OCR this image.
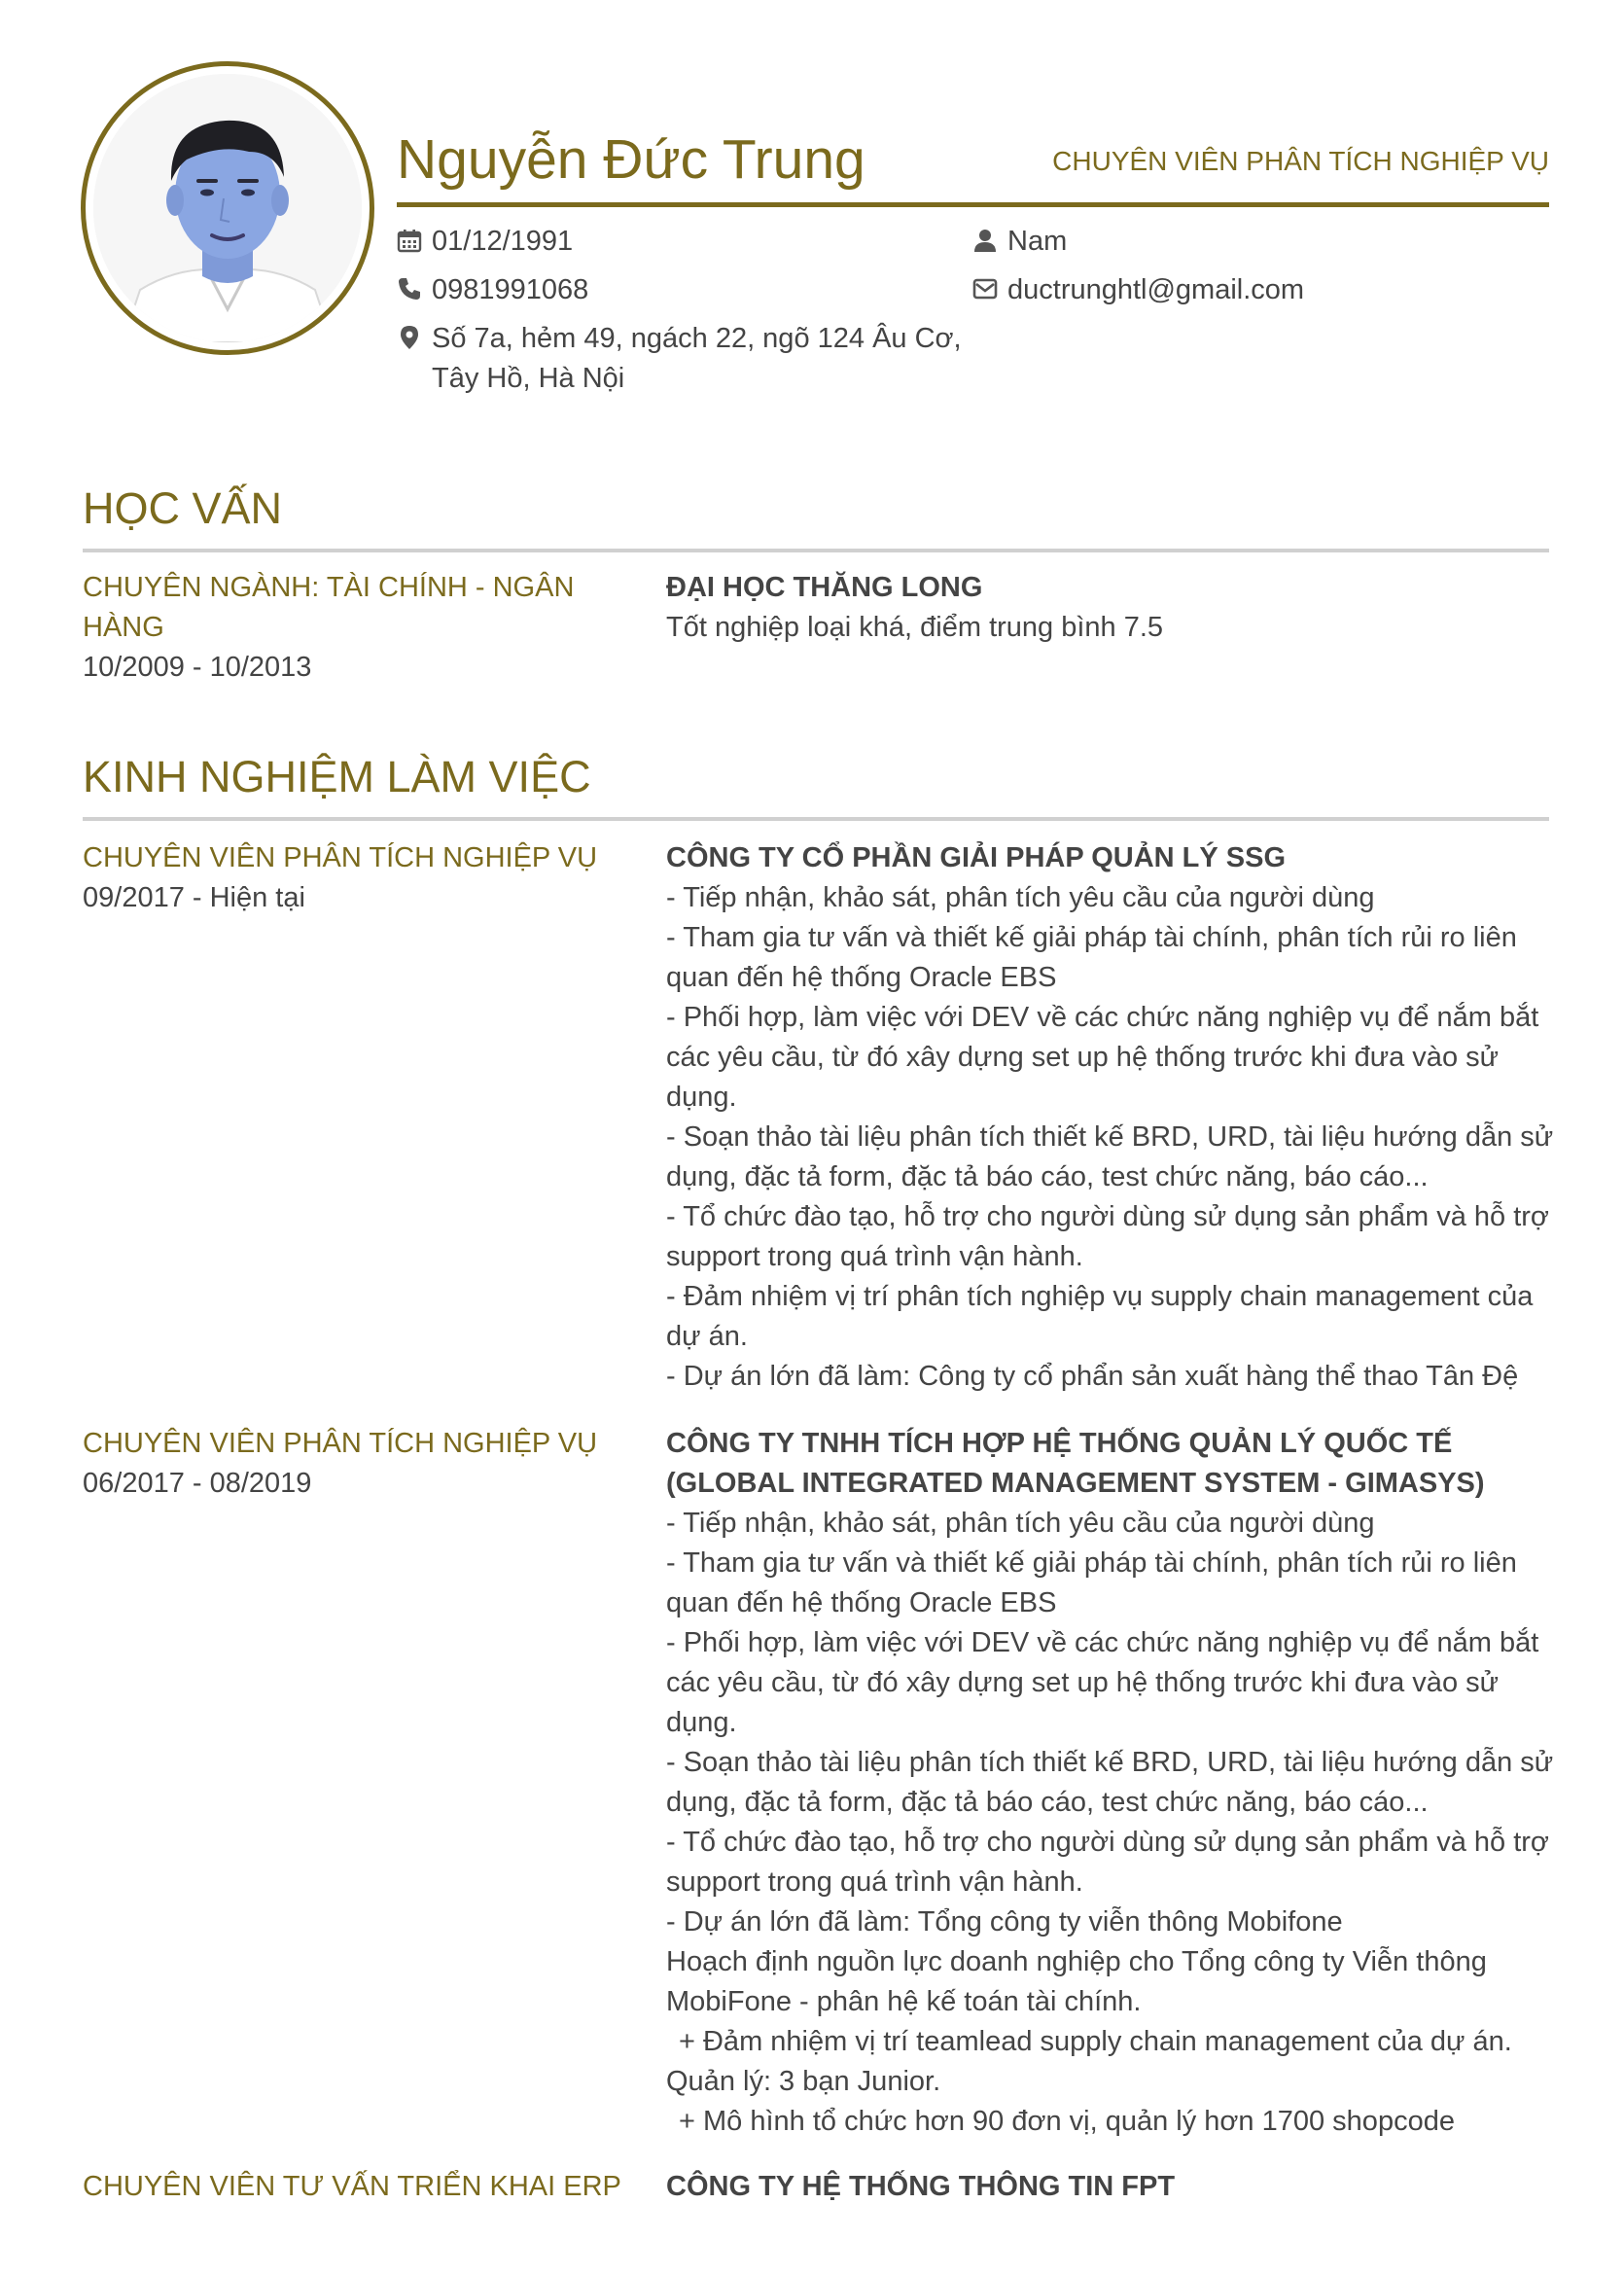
Nguyễn Đức Trung	CHUYÊN VIÊN PHÂN TÍCH NGHIỆP VỤ
01/12/1991
0981991068
Số 7a, hẻm 49, ngách 22, ngõ 124 Âu Cơ, Tây Hồ, Hà Nội
Nam
ductrunghtl@gmail.com
HỌC VẤN
CHUYÊN NGÀNH: TÀI CHÍNH - NGÂN HÀNG
10/2009 - 10/2013
ĐẠI HỌC THĂNG LONG
Tốt nghiệp loại khá, điểm trung bình 7.5
KINH NGHIỆM LÀM VIỆC
CHUYÊN VIÊN PHÂN TÍCH NGHIỆP VỤ
09/2017 - Hiện tại
CÔNG TY CỔ PHẦN GIẢI PHÁP QUẢN LÝ SSG
- Tiếp nhận, khảo sát, phân tích yêu cầu của người dùng
- Tham gia tư vấn và thiết kế giải pháp tài chính, phân tích rủi ro liên quan đến hệ thống Oracle EBS
- Phối hợp, làm việc với DEV về các chức năng nghiệp vụ để nắm bắt các yêu cầu, từ đó xây dựng set up hệ thống trước khi đưa vào sử dụng.
- Soạn thảo tài liệu phân tích thiết kế BRD, URD, tài liệu hướng dẫn sử dụng, đặc tả form, đặc tả báo cáo, test chức năng, báo cáo...
- Tổ chức đào tạo, hỗ trợ cho người dùng sử dụng sản phẩm và hỗ trợ support trong quá trình vận hành.
- Đảm nhiệm vị trí phân tích nghiệp vụ supply chain management của dự án.
- Dự án lớn đã làm: Công ty cổ phẩn sản xuất hàng thể thao Tân Đệ
CHUYÊN VIÊN PHÂN TÍCH NGHIỆP VỤ
06/2017 - 08/2019
CÔNG TY TNHH TÍCH HỢP HỆ THỐNG QUẢN LÝ QUỐC TẾ (GLOBAL INTEGRATED MANAGEMENT SYSTEM - GIMASYS)
- Tiếp nhận, khảo sát, phân tích yêu cầu của người dùng
- Tham gia tư vấn và thiết kế giải pháp tài chính, phân tích rủi ro liên quan đến hệ thống Oracle EBS
- Phối hợp, làm việc với DEV về các chức năng nghiệp vụ để nắm bắt các yêu cầu, từ đó xây dựng set up hệ thống trước khi đưa vào sử dụng.
- Soạn thảo tài liệu phân tích thiết kế BRD, URD, tài liệu hướng dẫn sử dụng, đặc tả form, đặc tả báo cáo, test chức năng, báo cáo...
- Tổ chức đào tạo, hỗ trợ cho người dùng sử dụng sản phẩm và hỗ trợ support trong quá trình vận hành.
- Dự án lớn đã làm: Tổng công ty viễn thông Mobifone
Hoạch định nguồn lực doanh nghiệp cho Tổng công ty Viễn thông MobiFone - phân hệ kế toán tài chính.
+ Đảm nhiệm vị trí teamlead supply chain management của dự án.
Quản lý: 3 bạn Junior.
+ Mô hình tổ chức hơn 90 đơn vị, quản lý hơn 1700 shopcode
CHUYÊN VIÊN TƯ VẤN TRIỂN KHAI ERP CÔNG TY HỆ THỐNG THÔNG TIN FPT
